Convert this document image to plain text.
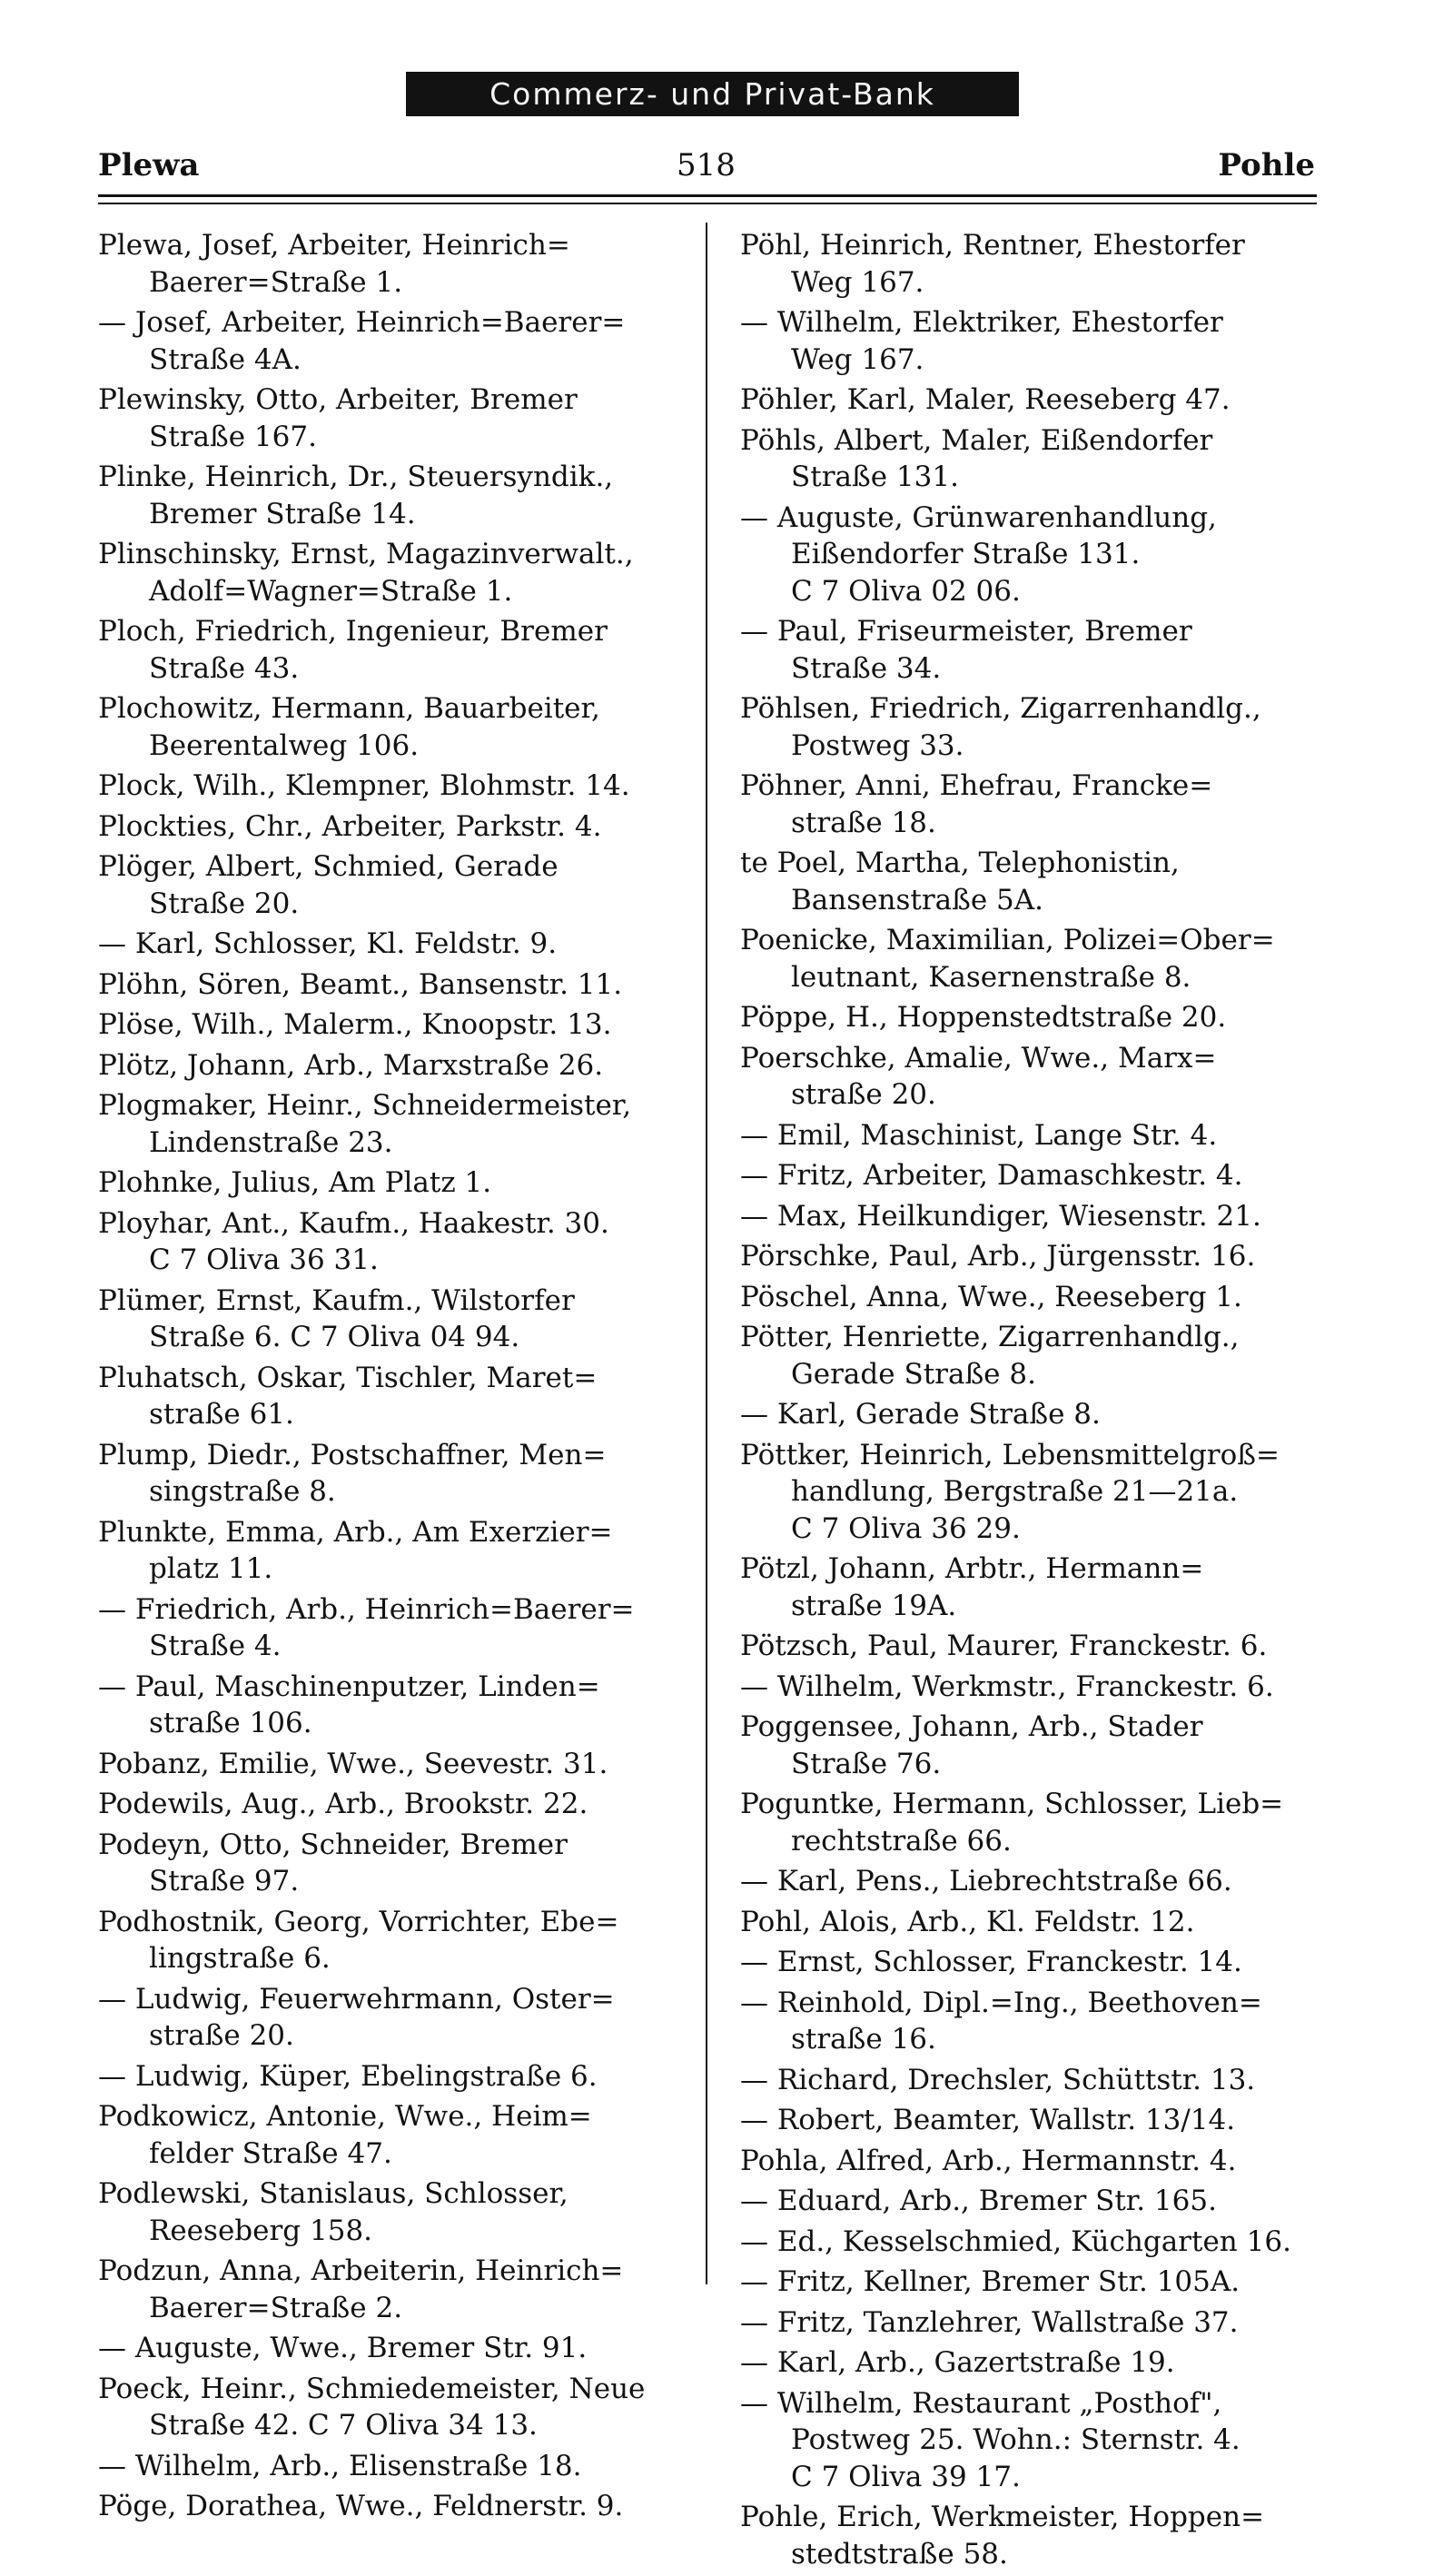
Commerz- und Privat-Bank
Plewa	518	Pohle
Plewa, Josef, Arbeiter, Heinrich=
Baerer=Straße 1.
— Josef, Arbeiter, Heinrich=Baerer=
Straße 4A.
Plewinsky, Otto, Arbeiter, Bremer
Straße 167.
Plinke, Heinrich, Dr., Steuersyndik.,
Bremer Straße 14.
Plinschinsky, Ernst, Magazinverwalt.,
Adolf=Wagner=Straße 1.
Ploch, Friedrich, Ingenieur, Bremer
Straße 43.
Plochowitz, Hermann, Bauarbeiter,
Beerentalweg 106.
Plock, Wilh., Klempner, Blohmstr. 14.
Plockties, Chr., Arbeiter, Parkstr. 4.
Plöger, Albert, Schmied, Gerade
Straße 20.
— Karl, Schlosser, Kl. Feldstr. 9.
Plöhn, Sören, Beamt., Bansenstr. 11.
Plöse, Wilh., Malerm., Knoopstr. 13.
Plötz, Johann, Arb., Marxstraße 26.
Plogmaker, Heinr., Schneidermeister,
Lindenstraße 23.
Plohnke, Julius, Am Platz 1.
Ployhar, Ant., Kaufm., Haakestr. 30.
C 7 Oliva 36 31.
Plümer, Ernst, Kaufm., Wilstorfer
Straße 6. C 7 Oliva 04 94.
Pluhatsch, Oskar, Tischler, Maret=
straße 61.
Plump, Diedr., Postschaffner, Men=
singstraße 8.
Plunkte, Emma, Arb., Am Exerzier=
platz 11.
— Friedrich, Arb., Heinrich=Baerer=
Straße 4.
— Paul, Maschinenputzer, Linden=
straße 106.
Pobanz, Emilie, Wwe., Seevestr. 31.
Podewils, Aug., Arb., Brookstr. 22.
Podeyn, Otto, Schneider, Bremer
Straße 97.
Podhostnik, Georg, Vorrichter, Ebe=
lingstraße 6.
— Ludwig, Feuerwehrmann, Oster=
straße 20.
— Ludwig, Küper, Ebelingstraße 6.
Podkowicz, Antonie, Wwe., Heim=
felder Straße 47.
Podlewski, Stanislaus, Schlosser,
Reeseberg 158.
Podzun, Anna, Arbeiterin, Heinrich=
Baerer=Straße 2.
— Auguste, Wwe., Bremer Str. 91.
Poeck, Heinr., Schmiedemeister, Neue
Straße 42. C 7 Oliva 34 13.
— Wilhelm, Arb., Elisenstraße 18.
Pöge, Dorathea, Wwe., Feldnerstr. 9.
Pöhl, Heinrich, Rentner, Ehestorfer
Weg 167.
— Wilhelm, Elektriker, Ehestorfer
Weg 167.
Pöhler, Karl, Maler, Reeseberg 47.
Pöhls, Albert, Maler, Eißendorfer
Straße 131.
— Auguste, Grünwarenhandlung,
Eißendorfer Straße 131.
C 7 Oliva 02 06.
— Paul, Friseurmeister, Bremer
Straße 34.
Pöhlsen, Friedrich, Zigarrenhandlg.,
Postweg 33.
Pöhner, Anni, Ehefrau, Francke=
straße 18.
te Poel, Martha, Telephonistin,
Bansenstraße 5A.
Poenicke, Maximilian, Polizei=Ober=
leutnant, Kasernenstraße 8.
Pöppe, H., Hoppenstedtstraße 20.
Poerschke, Amalie, Wwe., Marx=
straße 20.
— Emil, Maschinist, Lange Str. 4.
— Fritz, Arbeiter, Damaschkestr. 4.
— Max, Heilkundiger, Wiesenstr. 21.
Pörschke, Paul, Arb., Jürgensstr. 16.
Pöschel, Anna, Wwe., Reeseberg 1.
Pötter, Henriette, Zigarrenhandlg.,
Gerade Straße 8.
— Karl, Gerade Straße 8.
Pöttker, Heinrich, Lebensmittelgroß=
handlung, Bergstraße 21—21a.
C 7 Oliva 36 29.
Pötzl, Johann, Arbtr., Hermann=
straße 19A.
Pötzsch, Paul, Maurer, Franckestr. 6.
— Wilhelm, Werkmstr., Franckestr. 6.
Poggensee, Johann, Arb., Stader
Straße 76.
Poguntke, Hermann, Schlosser, Lieb=
rechtstraße 66.
— Karl, Pens., Liebrechtstraße 66.
Pohl, Alois, Arb., Kl. Feldstr. 12.
— Ernst, Schlosser, Franckestr. 14.
— Reinhold, Dipl.=Ing., Beethoven=
straße 16.
— Richard, Drechsler, Schüttstr. 13.
— Robert, Beamter, Wallstr. 13/14.
Pohla, Alfred, Arb., Hermannstr. 4.
— Eduard, Arb., Bremer Str. 165.
— Ed., Kesselschmied, Küchgarten 16.
— Fritz, Kellner, Bremer Str. 105A.
— Fritz, Tanzlehrer, Wallstraße 37.
— Karl, Arb., Gazertstraße 19.
— Wilhelm, Restaurant „Posthof",
Postweg 25. Wohn.: Sternstr. 4.
C 7 Oliva 39 17.
Pohle, Erich, Werkmeister, Hoppen=
stedtstraße 58.
